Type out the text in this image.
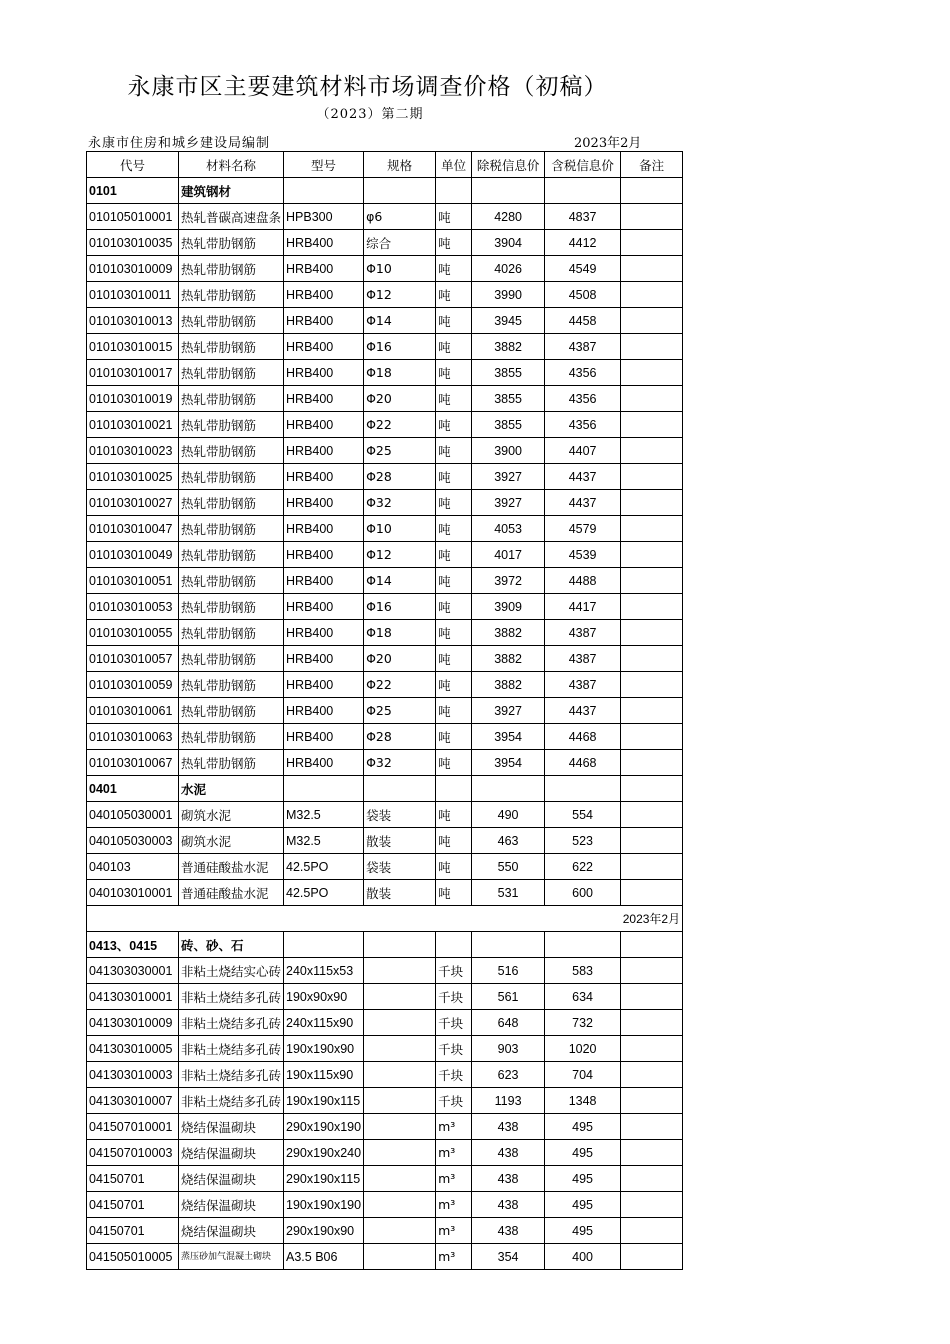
永康市区主要建筑材料市场调查价格（初稿）
（2023）第二期
永康市住房和城乡建设局编制	2023年2月
代号	材料名称	型号	规格	单位	除税信息价	含税信息价	备注
0101	建筑钢材						
010105010001	热轧普碳高速盘条	HPB300	φ6	吨	4280	4837	
010103010035	热轧带肋钢筋	HRB400	综合	吨	3904	4412	
010103010009	热轧带肋钢筋	HRB400	Φ10	吨	4026	4549	
010103010011	热轧带肋钢筋	HRB400	Φ12	吨	3990	4508	
010103010013	热轧带肋钢筋	HRB400	Φ14	吨	3945	4458	
010103010015	热轧带肋钢筋	HRB400	Φ16	吨	3882	4387	
010103010017	热轧带肋钢筋	HRB400	Φ18	吨	3855	4356	
010103010019	热轧带肋钢筋	HRB400	Φ20	吨	3855	4356	
010103010021	热轧带肋钢筋	HRB400	Φ22	吨	3855	4356	
010103010023	热轧带肋钢筋	HRB400	Φ25	吨	3900	4407	
010103010025	热轧带肋钢筋	HRB400	Φ28	吨	3927	4437	
010103010027	热轧带肋钢筋	HRB400	Φ32	吨	3927	4437	
010103010047	热轧带肋钢筋	HRB400	Φ10	吨	4053	4579	
010103010049	热轧带肋钢筋	HRB400	Φ12	吨	4017	4539	
010103010051	热轧带肋钢筋	HRB400	Φ14	吨	3972	4488	
010103010053	热轧带肋钢筋	HRB400	Φ16	吨	3909	4417	
010103010055	热轧带肋钢筋	HRB400	Φ18	吨	3882	4387	
010103010057	热轧带肋钢筋	HRB400	Φ20	吨	3882	4387	
010103010059	热轧带肋钢筋	HRB400	Φ22	吨	3882	4387	
010103010061	热轧带肋钢筋	HRB400	Φ25	吨	3927	4437	
010103010063	热轧带肋钢筋	HRB400	Φ28	吨	3954	4468	
010103010067	热轧带肋钢筋	HRB400	Φ32	吨	3954	4468	
0401	水泥						
040105030001	砌筑水泥	M32.5	袋装	吨	490	554	
040105030003	砌筑水泥	M32.5	散装	吨	463	523	
040103	普通硅酸盐水泥	42.5PO	袋装	吨	550	622	
040103010001	普通硅酸盐水泥	42.5PO	散装	吨	531	600	
2023年2月							
0413、0415	砖、砂、石						
041303030001	非粘土烧结实心砖	240x115x53		千块	516	583	
041303010001	非粘土烧结多孔砖	190x90x90		千块	561	634	
041303010009	非粘土烧结多孔砖	240x115x90		千块	648	732	
041303010005	非粘土烧结多孔砖	190x190x90		千块	903	1020	
041303010003	非粘土烧结多孔砖	190x115x90		千块	623	704	
041303010007	非粘土烧结多孔砖	190x190x115		千块	1193	1348	
041507010001	烧结保温砌块	290x190x190		m³	438	495	
041507010003	烧结保温砌块	290x190x240		m³	438	495	
04150701	烧结保温砌块	290x190x115		m³	438	495	
04150701	烧结保温砌块	190x190x190		m³	438	495	
04150701	烧结保温砌块	290x190x90		m³	438	495	
041505010005	蒸压砂加气混凝土砌块	A3.5 B06		m³	354	400	
